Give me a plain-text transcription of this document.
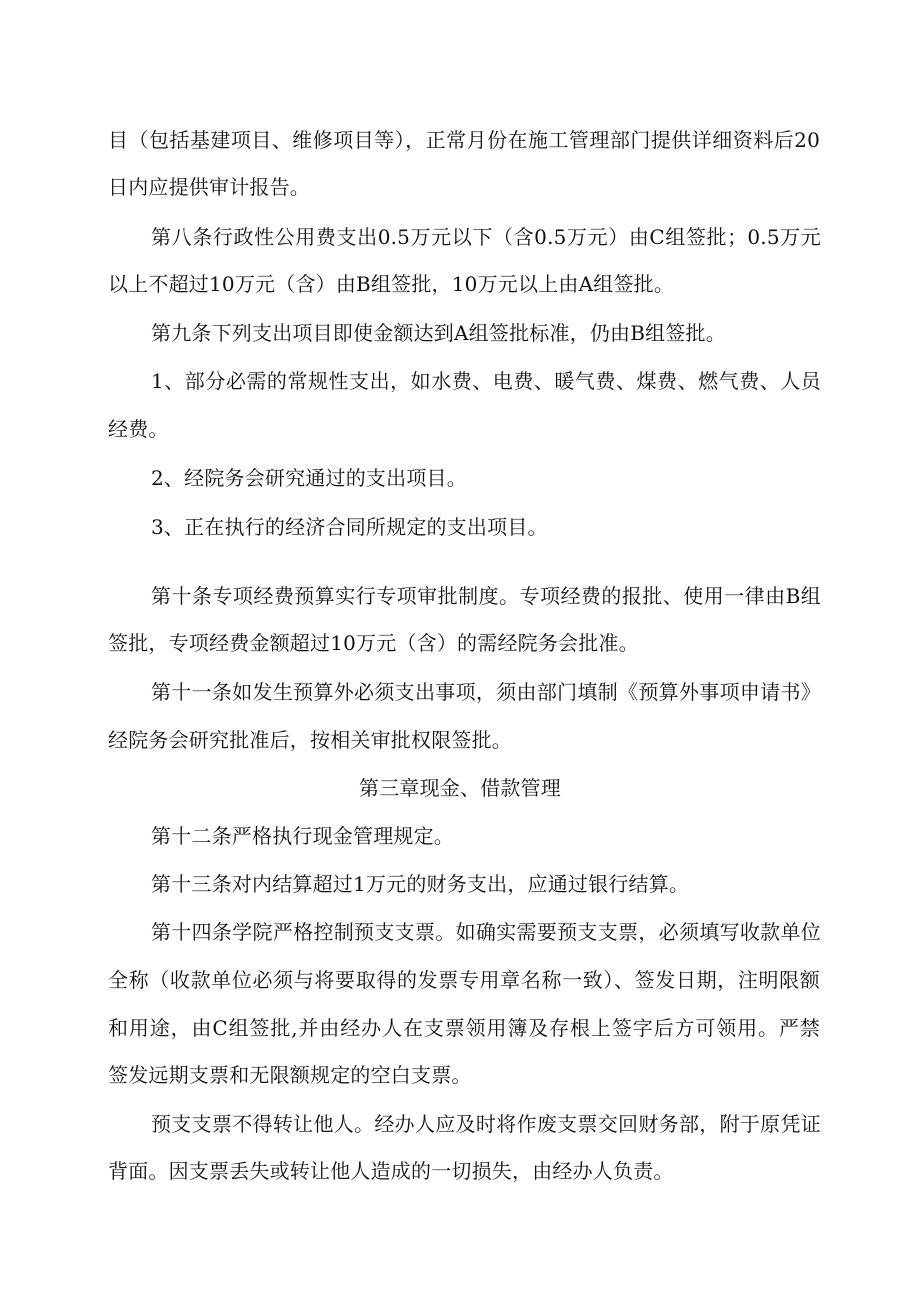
目（包括基建项目、维修项目等），正常月份在施工管理部门提供详细资料后20
日内应提供审计报告。
第八条行政性公用费支出0.5万元以下（含0.5万元）由C组签批；0.5万元
以上不超过10万元（含）由B组签批，10万元以上由A组签批。
第九条下列支出项目即使金额达到A组签批标准，仍由B组签批。
1、部分必需的常规性支出，如水费、电费、暖气费、煤费、燃气费、人员
经费。
2、经院务会研究通过的支出项目。
3、正在执行的经济合同所规定的支出项目。
第十条专项经费预算实行专项审批制度。专项经费的报批、使用一律由B组
签批，专项经费金额超过10万元（含）的需经院务会批准。
第十一条如发生预算外必须支出事项，须由部门填制《预算外事项申请书》
经院务会研究批准后，按相关审批权限签批。
第三章现金、借款管理
第十二条严格执行现金管理规定。
第十三条对内结算超过1万元的财务支出，应通过银行结算。
第十四条学院严格控制预支支票。如确实需要预支支票，必须填写收款单位
全称（收款单位必须与将要取得的发票专用章名称一致）、签发日期，注明限额
和用途，由C组签批,并由经办人在支票领用簿及存根上签字后方可领用。严禁
签发远期支票和无限额规定的空白支票。
预支支票不得转让他人。经办人应及时将作废支票交回财务部，附于原凭证
背面。因支票丢失或转让他人造成的一切损失，由经办人负责。
